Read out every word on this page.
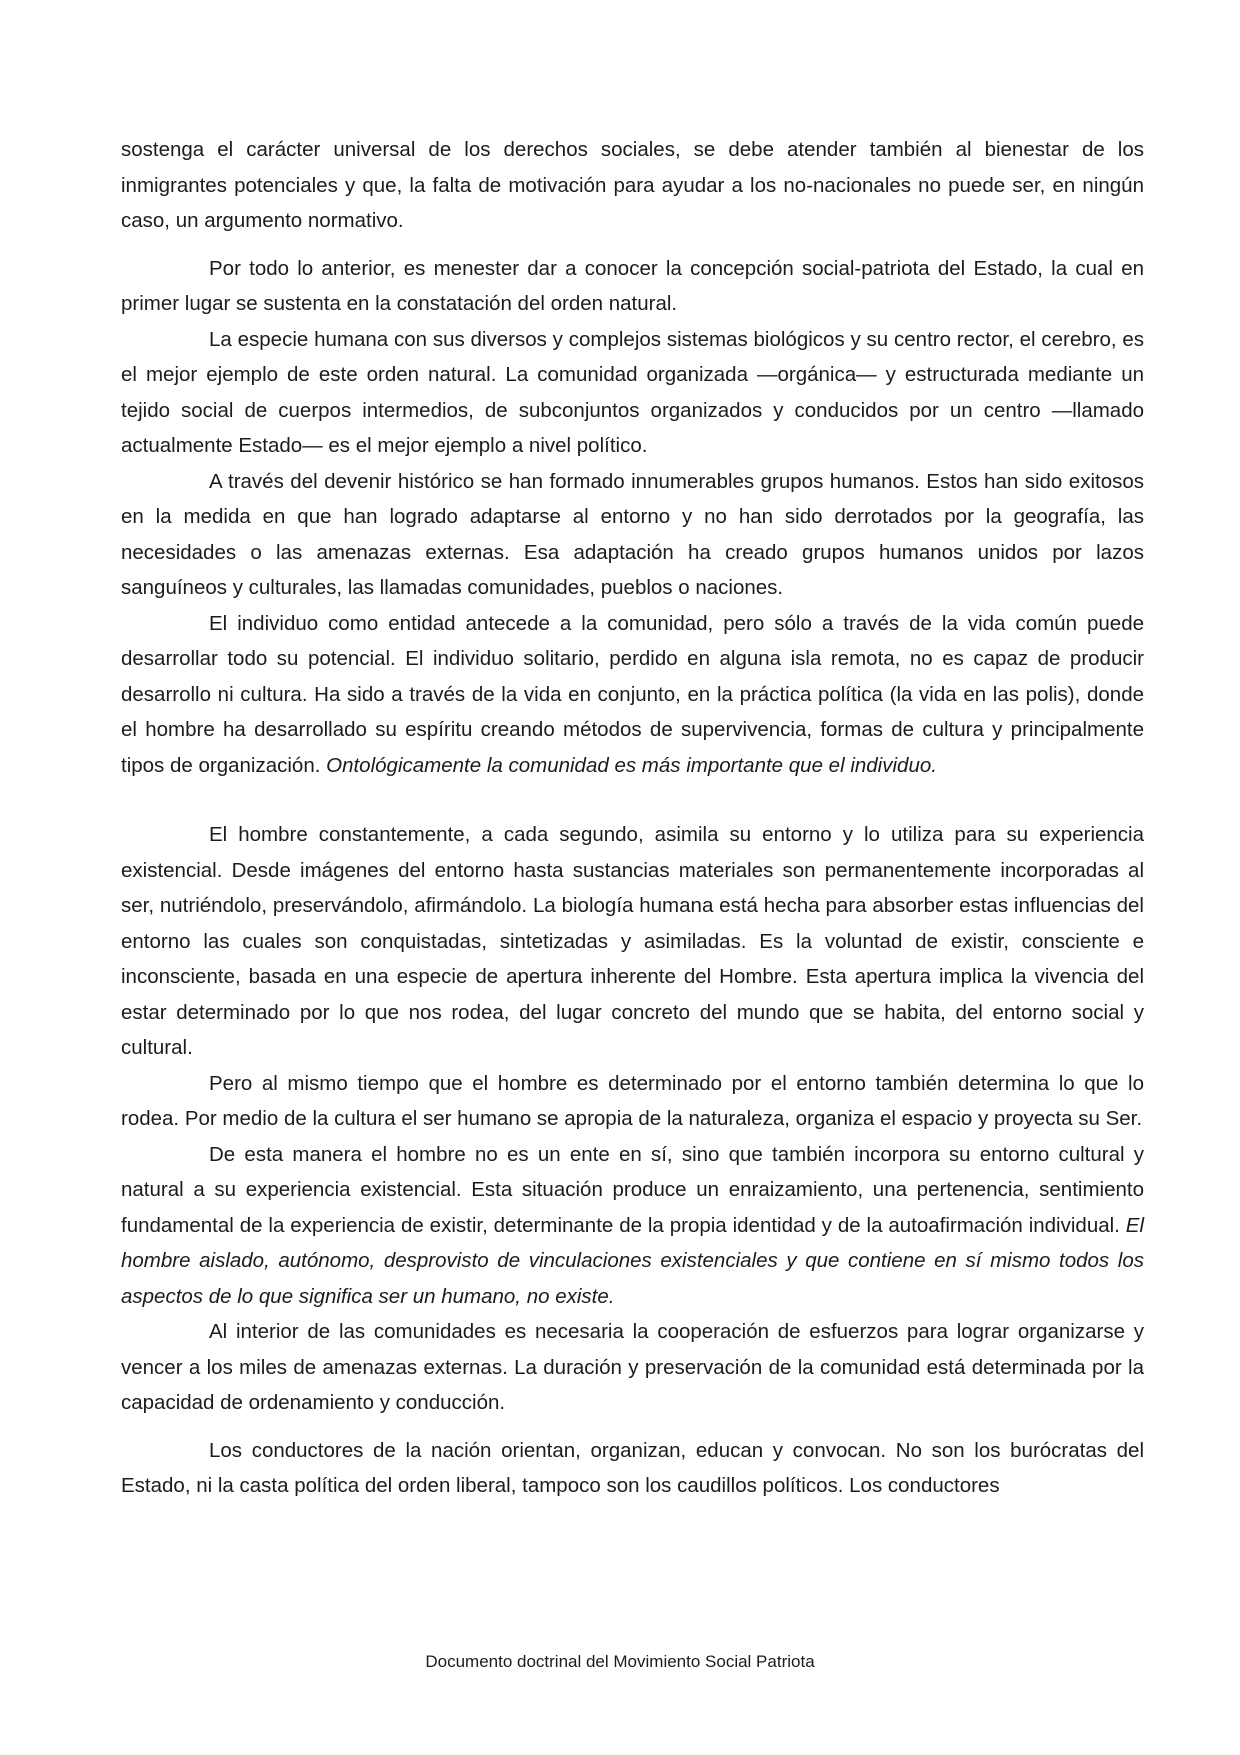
sostenga el carácter universal de los derechos sociales, se debe atender también al bienestar de los inmigrantes potenciales y que, la falta de motivación para ayudar a los no-nacionales no puede ser, en ningún caso, un argumento normativo.

Por todo lo anterior, es menester dar a conocer la concepción social-patriota del Estado, la cual en primer lugar se sustenta en la constatación del orden natural.

La especie humana con sus diversos y complejos sistemas biológicos y su centro rector, el cerebro, es el mejor ejemplo de este orden natural. La comunidad organizada —orgánica— y estructurada mediante un tejido social de cuerpos intermedios, de subconjuntos organizados y conducidos por un centro —llamado actualmente Estado— es el mejor ejemplo a nivel político.

A través del devenir histórico se han formado innumerables grupos humanos. Estos han sido exitosos en la medida en que han logrado adaptarse al entorno y no han sido derrotados por la geografía, las necesidades o las amenazas externas. Esa adaptación ha creado grupos humanos unidos por lazos sanguíneos y culturales, las llamadas comunidades, pueblos o naciones.

El individuo como entidad antecede a la comunidad, pero sólo a través de la vida común puede desarrollar todo su potencial. El individuo solitario, perdido en alguna isla remota, no es capaz de producir desarrollo ni cultura. Ha sido a través de la vida en conjunto, en la práctica política (la vida en las polis), donde el hombre ha desarrollado su espíritu creando métodos de supervivencia, formas de cultura y principalmente tipos de organización. Ontológicamente la comunidad es más importante que el individuo.

El hombre constantemente, a cada segundo, asimila su entorno y lo utiliza para su experiencia existencial. Desde imágenes del entorno hasta sustancias materiales son permanentemente incorporadas al ser, nutriéndolo, preservándolo, afirmándolo. La biología humana está hecha para absorber estas influencias del entorno las cuales son conquistadas, sintetizadas y asimiladas. Es la voluntad de existir, consciente e inconsciente, basada en una especie de apertura inherente del Hombre. Esta apertura implica la vivencia del estar determinado por lo que nos rodea, del lugar concreto del mundo que se habita, del entorno social y cultural.

Pero al mismo tiempo que el hombre es determinado por el entorno también determina lo que lo rodea. Por medio de la cultura el ser humano se apropia de la naturaleza, organiza el espacio y proyecta su Ser.

De esta manera el hombre no es un ente en sí, sino que también incorpora su entorno cultural y natural a su experiencia existencial. Esta situación produce un enraizamiento, una pertenencia, sentimiento fundamental de la experiencia de existir, determinante de la propia identidad y de la autoafirmación individual. El hombre aislado, autónomo, desprovisto de vinculaciones existenciales y que contiene en sí mismo todos los aspectos de lo que significa ser un humano, no existe.

Al interior de las comunidades es necesaria la cooperación de esfuerzos para lograr organizarse y vencer a los miles de amenazas externas. La duración y preservación de la comunidad está determinada por la capacidad de ordenamiento y conducción.

Los conductores de la nación orientan, organizan, educan y convocan. No son los burócratas del Estado, ni la casta política del orden liberal, tampoco son los caudillos políticos. Los conductores

Documento doctrinal del Movimiento Social Patriota
